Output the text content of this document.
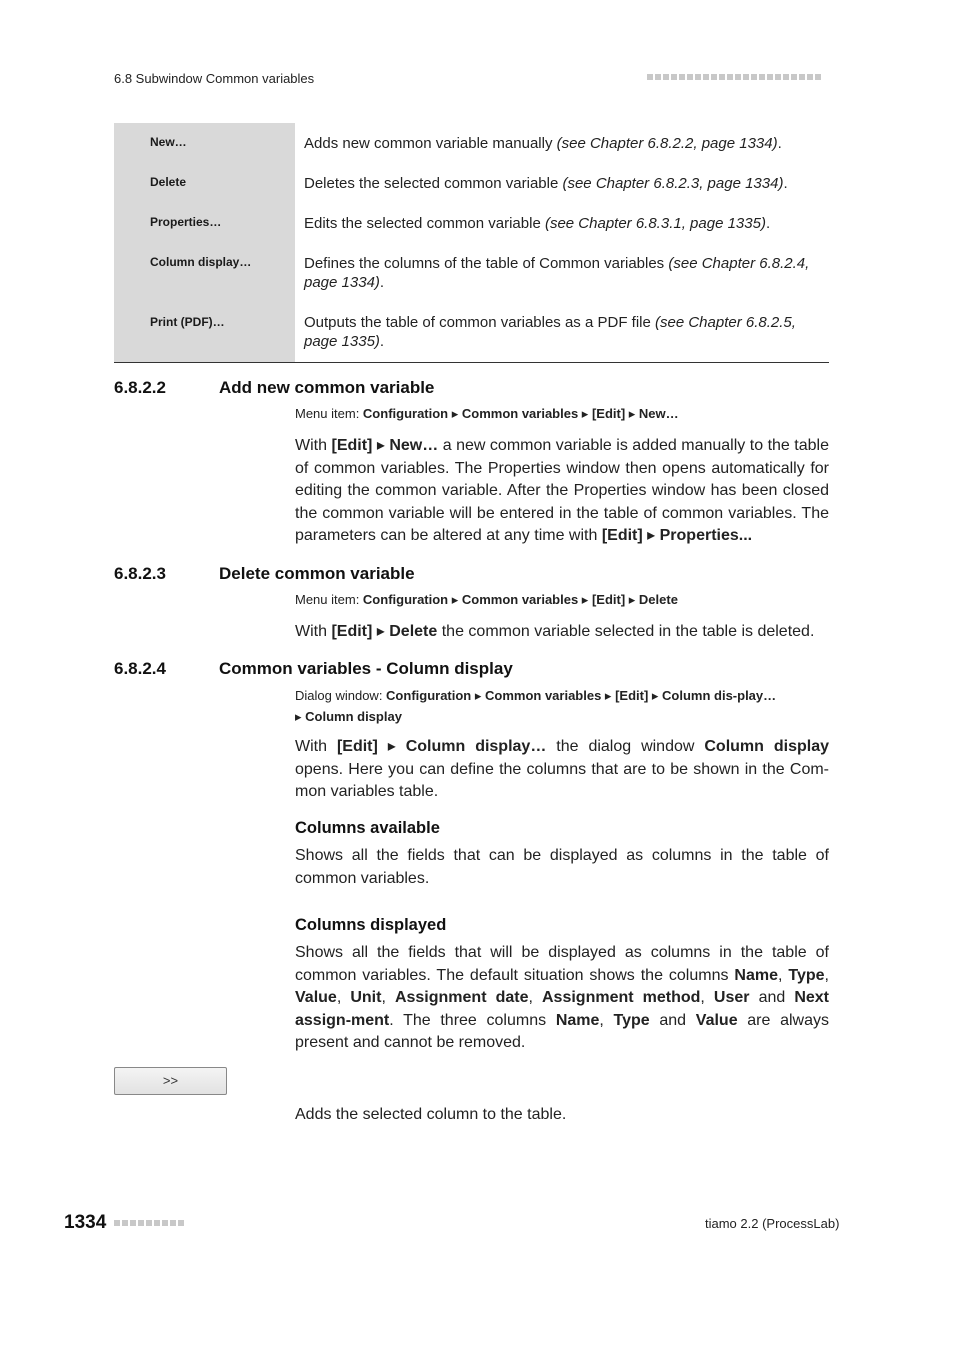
6.8 Subwindow Common variables
New…	Adds new common variable manually (see Chapter 6.8.2.2, page 1334).
Delete	Deletes the selected common variable (see Chapter 6.8.2.3, page 1334).
Properties…	Edits the selected common variable (see Chapter 6.8.3.1, page 1335).
Column display…	Defines the columns of the table of Common variables (see Chapter 6.8.2.4, page 1334).
Print (PDF)…	Outputs the table of common variables as a PDF file (see Chapter 6.8.2.5, page 1335).
6.8.2.2	Add new common variable
Menu item: Configuration ▸ Common variables ▸ [Edit] ▸ New…
With [Edit] ▸ New… a new common variable is added manually to the table of common variables. The Properties window then opens automatically for editing the common variable. After the Properties window has been closed the common variable will be entered in the table of common variables. The parameters can be altered at any time with [Edit] ▸ Properties...
6.8.2.3	Delete common variable
Menu item: Configuration ▸ Common variables ▸ [Edit] ▸ Delete
With [Edit] ▸ Delete the common variable selected in the table is deleted.
6.8.2.4	Common variables - Column display
Dialog window: Configuration ▸ Common variables ▸ [Edit] ▸ Column dis-play… ▸ Column display
With [Edit] ▸ Column display… the dialog window Column display opens. Here you can define the columns that are to be shown in the Com-mon variables table.
Columns available
Shows all the fields that can be displayed as columns in the table of common variables.
Columns displayed
Shows all the fields that will be displayed as columns in the table of common variables. The default situation shows the columns Name, Type, Value, Unit, Assignment date, Assignment method, User and Next assign-ment. The three columns Name, Type and Value are always present and cannot be removed.
>>
Adds the selected column to the table.
1334	tiamo 2.2 (ProcessLab)
